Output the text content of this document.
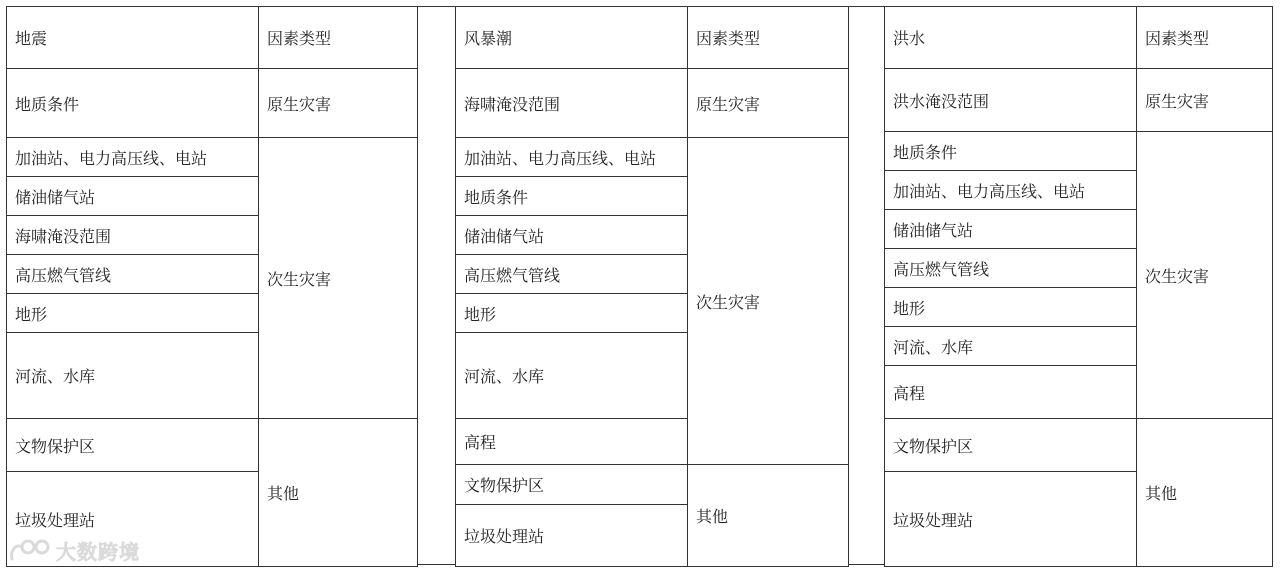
地震	因素类型
地质条件	原生灾害
加油站、电力高压线、电站	次生灾害
储油储气站	
海啸淹没范围	
高压燃气管线	
地形	
河流、水库	
文物保护区	其他
垃圾处理站	
风暴潮	因素类型
海啸淹没范围	原生灾害
加油站、电力高压线、电站	次生灾害
地质条件	
储油储气站	
高压燃气管线	
地形	
河流、水库	
高程	
文物保护区	其他
垃圾处理站	
洪水	因素类型
洪水淹没范围	原生灾害
地质条件	次生灾害
加油站、电力高压线、电站	
储油储气站	
高压燃气管线	
地形	
河流、水库	
高程	
文物保护区	其他
垃圾处理站	
大数跨境
